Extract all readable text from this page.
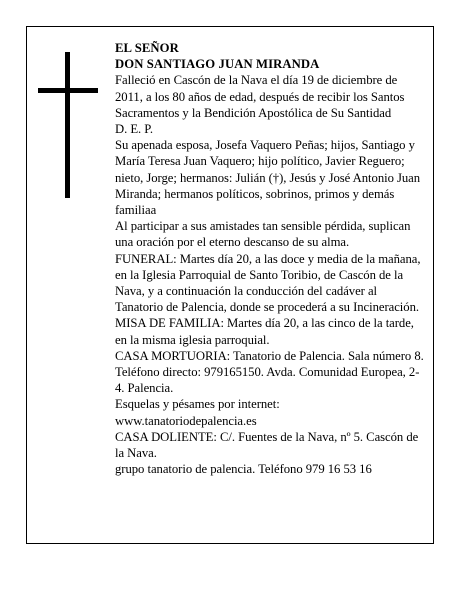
EL SEÑOR

DON SANTIAGO JUAN MIRANDA

Falleció en Cascón de la Nava el día 19 de diciembre de 2011, a los 80 años de edad, después de recibir los Santos Sacramentos y la Bendición Apostólica de Su Santidad

D. E. P.

Su apenada esposa, Josefa Vaquero Peñas; hijos, Santiago y María Teresa Juan Vaquero; hijo político, Javier Reguero; nieto, Jorge; hermanos: Julián (†), Jesús y José Antonio Juan Miranda; hermanos políticos, sobrinos, primos y demás familiaa

Al participar a sus amistades tan sensible pérdida, suplican una oración por el eterno descanso de su alma.

FUNERAL: Martes día 20, a las doce y media de la mañana, en la Iglesia Parroquial de Santo Toribio, de Cascón de la Nava, y a continuación la conducción del cadáver al Tanatorio de Palencia, donde se procederá a su Incineración.

MISA DE FAMILIA: Martes día 20, a las cinco de la tarde, en la misma iglesia parroquial.

CASA MORTUORIA: Tanatorio de Palencia. Sala número 8. Teléfono directo: 979165150. Avda. Comunidad Europea, 2-4. Palencia.

Esquelas y pésames por internet:

www.tanatoriodepalencia.es

CASA DOLIENTE: C/. Fuentes de la Nava, nº 5. Cascón de la Nava.

grupo tanatorio de palencia. Teléfono 979 16 53 16
